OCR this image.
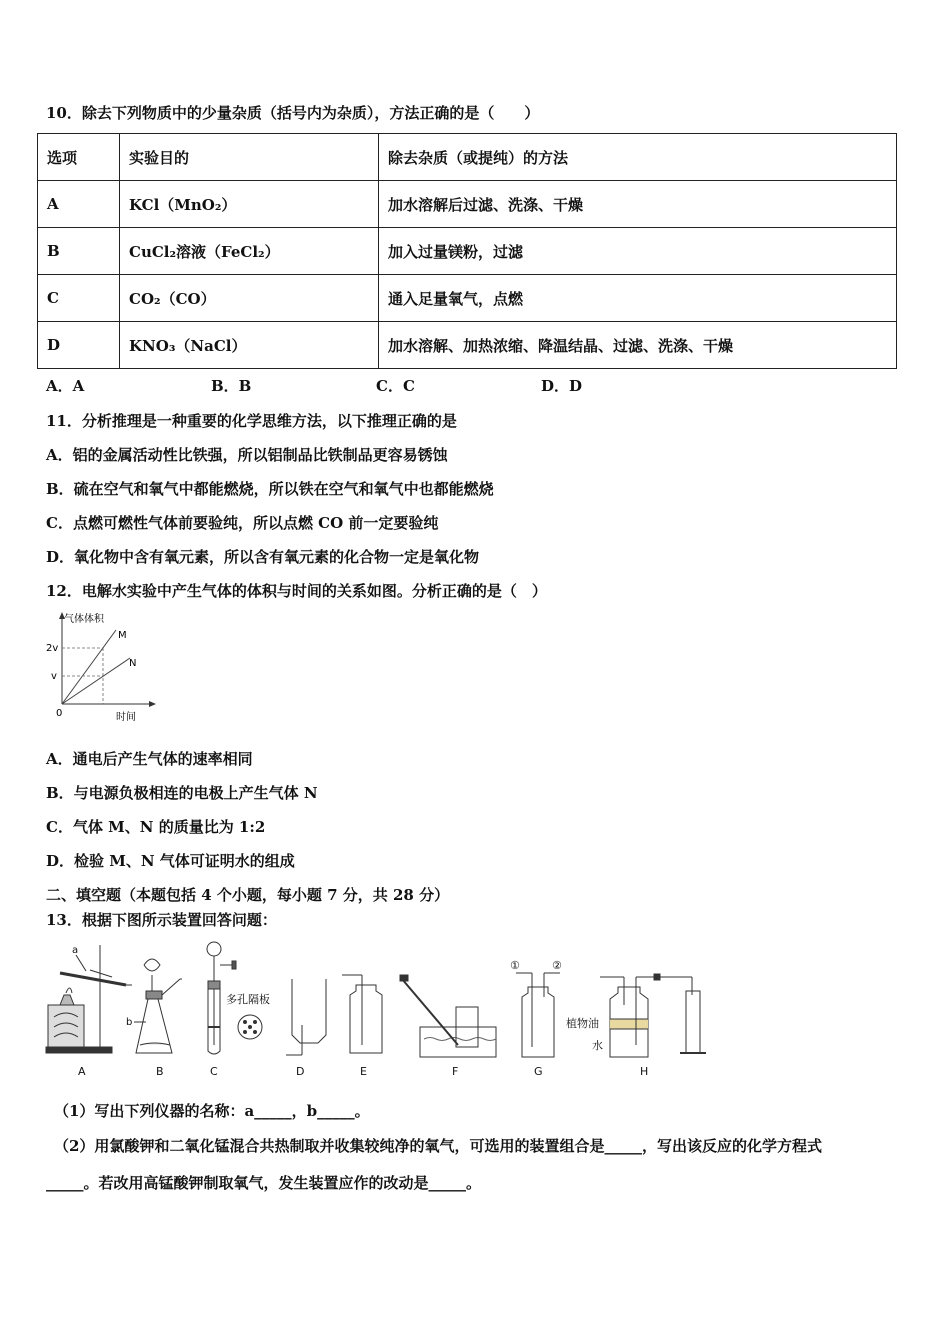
10．除去下列物质中的少量杂质（括号内为杂质），方法正确的是（　　）
选项	实验目的	除去杂质（或提纯）的方法
A	KCl（MnO₂）	加水溶解后过滤、洗涤、干燥
B	CuCl₂溶液（FeCl₂）	加入过量镁粉，过滤
C	CO₂（CO）	通入足量氧气，点燃
D	KNO₃（NaCl）	加水溶解、加热浓缩、降温结晶、过滤、洗涤、干燥
A．A	B．B	C．C	D．D
11．分析推理是一种重要的化学思维方法，以下推理正确的是
A．铝的金属活动性比铁强，所以铝制品比铁制品更容易锈蚀
B．硫在空气和氧气中都能燃烧，所以铁在空气和氧气中也都能燃烧
C．点燃可燃性气体前要验纯，所以点燃 CO 前一定要验纯
D．氧化物中含有氧元素，所以含有氧元素的化合物一定是氧化物
12．电解水实验中产生气体的体积与时间的关系如图。分析正确的是（　）
气体体积
M
N
2v
v
0	时间
A．通电后产生气体的速率相同
B．与电源负极相连的电极上产生气体 N
C．气体 M、N 的质量比为 1:2
D．检验 M、N 气体可证明水的组成
二、填空题（本题包括 4 个小题，每小题 7 分，共 28 分）
13．根据下图所示装置回答问题：
a
b
多孔隔板
①	②
植物油
水
A	B	C	D	E	F	G	H
（1）写出下列仪器的名称：a_____，b_____。
（2）用氯酸钾和二氧化锰混合共热制取并收集较纯净的氧气，可选用的装置组合是_____，写出该反应的化学方程式
_____。若改用高锰酸钾制取氧气，发生装置应作的改动是_____。
